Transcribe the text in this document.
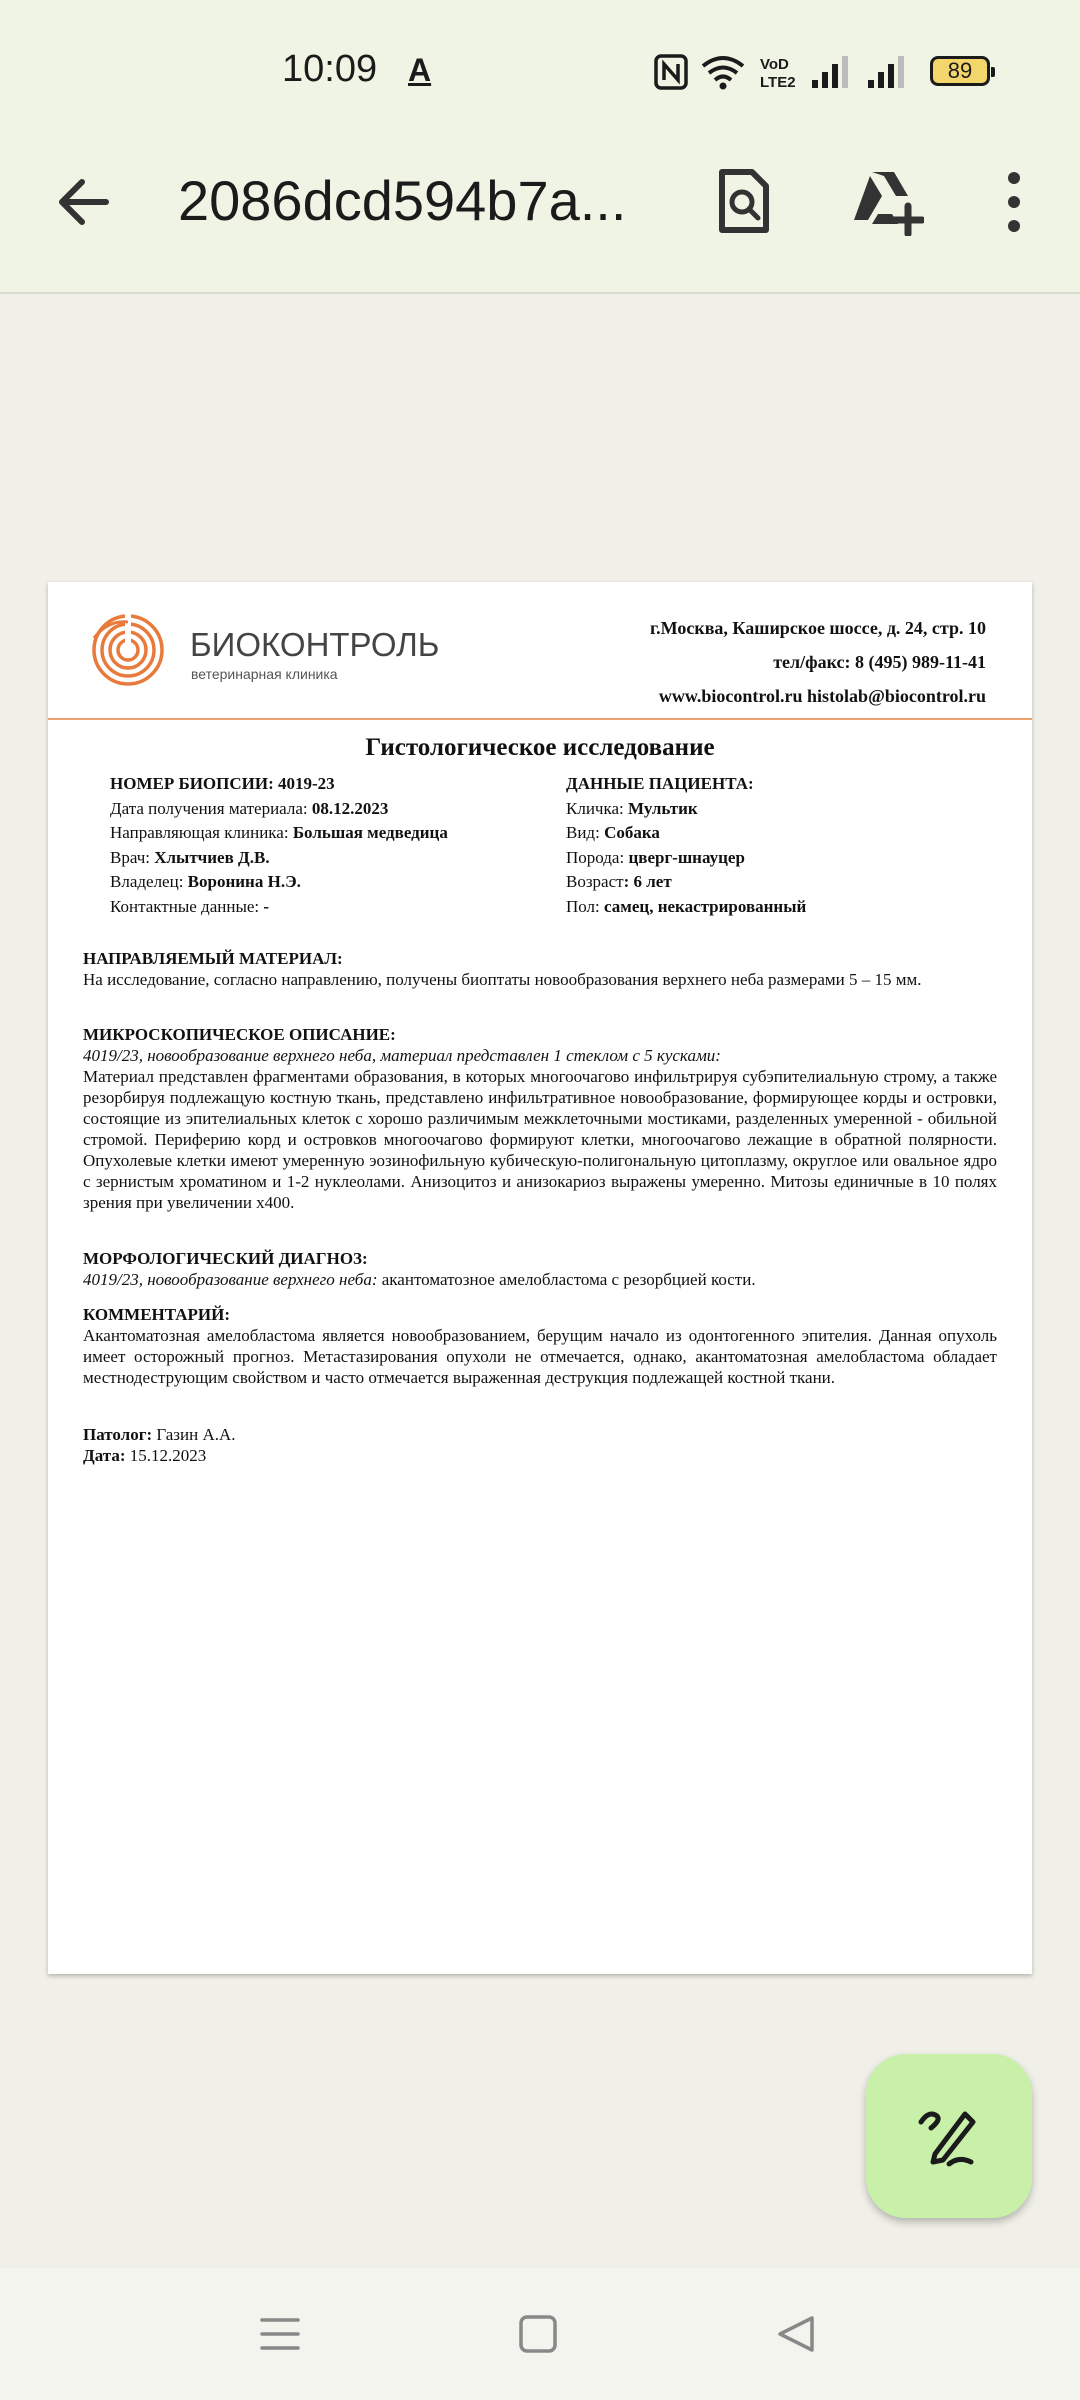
10:09 A	VoD
LTE2	89
2086dcd594b7a...
БИОКОНТРОЛЬ
ветеринарная клиника
г.Москва, Каширское шоссе, д. 24, стр. 10
тел/факс: 8 (495) 989-11-41
www.biocontrol.ru histolab@biocontrol.ru
Гистологическое исследование
НОМЕР БИОПСИИ: 4019-23
Дата получения материала: 08.12.2023
Направляющая клиника: Большая медведица
Врач: Хлытчиев Д.В.
Владелец: Воронина Н.Э.
Контактные данные: -
ДАННЫЕ ПАЦИЕНТА:
Кличка: Мультик
Вид: Собака
Порода: цверг-шнауцер
Возраст: 6 лет
Пол: самец, некастрированный
НАПРАВЛЯЕМЫЙ МАТЕРИАЛ:
На исследование, согласно направлению, получены биоптаты новообразования верхнего неба размерами 5 – 15 мм.
МИКРОСКОПИЧЕСКОЕ ОПИСАНИЕ:
4019/23, новообразование верхнего неба, материал представлен 1 стеклом с 5 кусками:
Материал представлен фрагментами образования, в которых многоочагово инфильтрируя субэпителиальную строму, а также резорбируя подлежащую костную ткань, представлено инфильтративное новообразование, формирующее корды и островки, состоящие из эпителиальных клеток с хорошо различимым межклеточными мостиками, разделенных умеренной - обильной стромой. Периферию корд и островков многоочагово формируют клетки, многоочагово лежащие в обратной полярности. Опухолевые клетки имеют умеренную эозинофильную кубическую-полигональную цитоплазму, округлое или овальное ядро с зернистым хроматином и 1-2 нуклеолами. Анизоцитоз и анизокариоз выражены умеренно. Митозы единичные в 10 полях зрения при увеличении х400.
МОРФОЛОГИЧЕСКИЙ ДИАГНОЗ:
4019/23, новообразование верхнего неба: акантоматозное амелобластома с резорбцией кости.
КОММЕНТАРИЙ:
Акантоматозная амелобластома является новообразованием, берущим начало из одонтогенного эпителия. Данная опухоль имеет осторожный прогноз. Метастазирования опухоли не отмечается, однако, акантоматозная амелобластома обладает местнодеструющим свойством и часто отмечается выраженная деструкция подлежащей костной ткани.
Патолог: Газин А.А.
Дата: 15.12.2023
